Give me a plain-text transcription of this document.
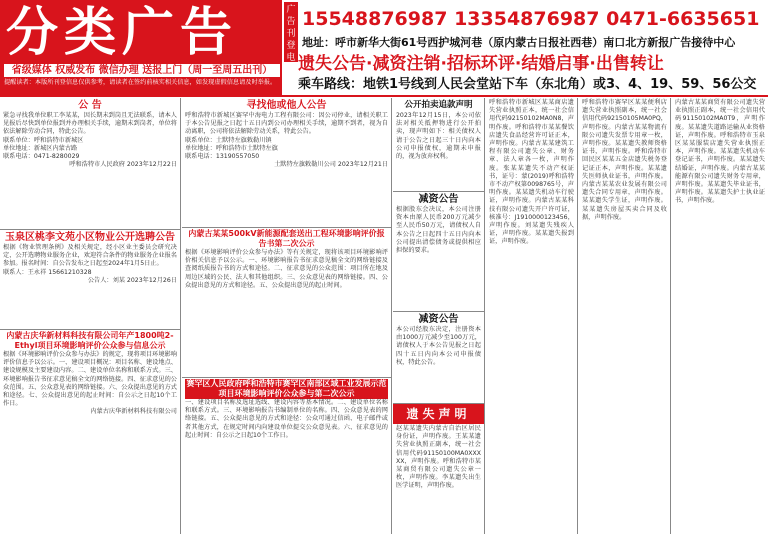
分类广告
省级媒体 权威发布 微信办理 送报上门（周一至周五出刊）
提醒读者：本版所刊登信息仅供参考，请读者在签约前核实相关信息，如发现虚假信息请及时举报。
广告刊登电话
15548876987 13354876987 0471-6635651
地址：呼市新华大街61号西护城河巷（原内蒙古日报社西巷）南口北方新报广告接待中心
遗失公告·减资注销·招标环评·结婚启事·出售转让
乘车路线：地铁1号线到人民会堂站下车（东北角）或3、4、19、59、56公交
公 告
紧急寻找我单位职工李某某，因长期未到岗且无法联系，请本人见报后尽快到单位报到并办理相关手续，逾期未到岗者，单位将依法解除劳动合同，特此公告。
联系单位：呼和浩特市新城区
单位地址：新城区内蒙古路
联系电话：0471-8280029
呼和浩特市人民政府 2023年12月22日
玉泉区桃李文苑小区物业公开选聘公告
根据《物业管理条例》及相关规定，经小区业主委员会研究决定，公开选聘物业服务企业，欢迎符合条件的物业服务企业报名参加。报名时间：自公告发布之日起至2024年1月5日止。
联系人：王永祥 15661210328
公告人：刘某 2023年12月26日
内蒙古庆华新材料科技有限公司年产1800吨2-Ethyl项目环境影响评价公众参与信息公示
根据《环境影响评价公众参与办法》的规定，现将项目环境影响评价信息予以公示。一、建设项目概况：项目名称、建设地点、建设规模及主要建设内容。二、建设单位名称和联系方式。三、环境影响报告书征求意见稿全文的网络链接。四、征求意见的公众范围。五、公众意见表的网络链接。六、公众提出意见的方式和途径。七、公众提出意见的起止时间：自公示之日起10个工作日。
内蒙古庆华新材料科技有限公司
寻找他或他人公告
呼和浩特市新城区赛罕中海电力工程有限公司：因公司停业，请相关职工于本公告见报之日起十五日内到公司办理相关手续，逾期不到者，视为自动离职，公司将依法解除劳动关系，特此公告。
联系单位：土默特左旗敕勒川镇
单位地址：呼和浩特市土默特左旗
联系电话：13190557050
土默特左旗敕勒川公司 2023年12月21日
内蒙古某某500kV新能源配套送出工程环境影响评价报告书第二次公示
根据《环境影响评价公众参与办法》等有关规定，现将该项目环境影响评价相关信息予以公示。一、环境影响报告书征求意见稿全文的网络链接及查阅纸质报告书的方式和途径。二、征求意见的公众范围：项目所在地及周边区域的公民、法人和其他组织。三、公众意见表的网络链接。四、公众提出意见的方式和途径。五、公众提出意见的起止时间。
赛罕区人民政府呼和浩特市赛罕区南部区域工业发展示范项目环境影响评价公众参与第二次公示
一、建设项目名称及选址选线、建设内容等基本情况。二、建设单位名称和联系方式。三、环境影响报告书编制单位的名称。四、公众意见表的网络链接。五、公众提出意见的方式和途径：公众可通过信函、电子邮件或者其他方式，在规定时间内向建设单位提交公众意见表。六、征求意见的起止时间：自公示之日起10个工作日。
公开拍卖追款声明
2023年12月15日，本公司依法对相关抵押物进行公开拍卖，现声明如下：相关债权人请于公告之日起三十日内向本公司申报债权，逾期未申报的，视为放弃权利。
减资公告
根据股东会决议，本公司注册资本由原人民币200万元减少至人民币50万元，请债权人自本公告之日起四十五日内向本公司提出清偿债务或提供相应担保的要求。
减资公告
本公司经股东决定，注册资本由1000万元减少至100万元，请债权人于本公告见报之日起四十五日内向本公司申报债权，特此公告。
遗失声明
赵某某遗失内蒙古自治区居民身份证，声明作废。王某某遗失营业执照正副本，统一社会信用代码91150100MA0XXXXX，声明作废。呼和浩特市某某商贸有限公司遗失公章一枚，声明作废。李某遗失出生医学证明，声明作废。
呼和浩特市新城区某某商店遗失营业执照正本，统一社会信用代码92150102MA0N8，声明作废。呼和浩特市某某餐饮店遗失食品经营许可证正本，声明作废。内蒙古某某建筑工程有限公司遗失公章、财务章、法人章各一枚，声明作废。张某某遗失不动产权证书，证号：蒙(2019)呼和浩特市不动产权第0098765号，声明作废。某某遗失机动车行驶证，声明作废。内蒙古某某科技有限公司遗失开户许可证，核准号：J1910000123456，声明作废。刘某遗失残疾人证，声明作废。某某遗失报到证，声明作废。
呼和浩特市赛罕区某某便利店遗失营业执照副本，统一社会信用代码92150105MA0PQ，声明作废。内蒙古某某物流有限公司遗失发票专用章一枚，声明作废。某某遗失教师资格证书，声明作废。呼和浩特市回民区某某五金店遗失税务登记证正本，声明作废。某某遗失医师执业证书，声明作废。内蒙古某某农业发展有限公司遗失合同专用章，声明作废。某某遗失学生证，声明作废。某某遗失房屋买卖合同及收据，声明作废。
内蒙古某某商贸有限公司遗失营业执照正副本，统一社会信用代码91150102MA0T9，声明作废。某某遗失道路运输从业资格证，声明作废。呼和浩特市玉泉区某某服装店遗失营业执照正本，声明作废。某某遗失机动车登记证书，声明作废。某某遗失结婚证，声明作废。内蒙古某某能源有限公司遗失财务专用章，声明作废。某某遗失毕业证书，声明作废。某某遗失护士执业证书，声明作废。
